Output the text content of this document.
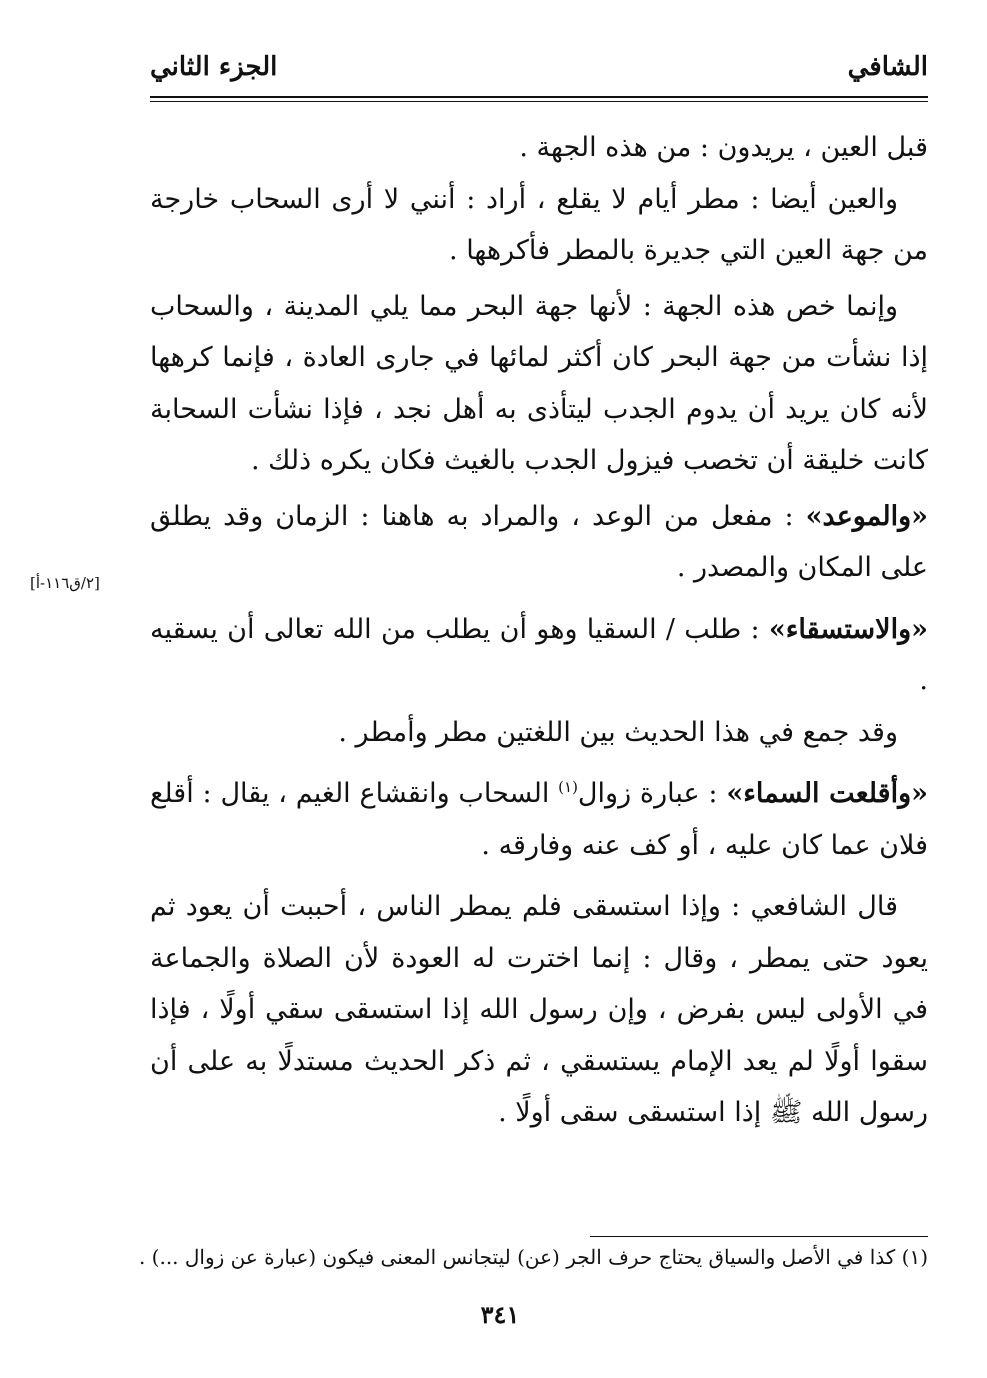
الشافي
الجزء الثاني

قبل العين ، يريدون : من هذه الجهة .

والعين أيضا : مطر أيام لا يقلع ، أراد : أنني لا أرى السحاب خارجة من جهة العين التي جديرة بالمطر فأكرهها .

وإنما خص هذه الجهة : لأنها جهة البحر مما يلي المدينة ، والسحاب إذا نشأت من جهة البحر كان أكثر لمائها في جارى العادة ، فإنما كرهها لأنه كان يريد أن يدوم الجدب ليتأذى به أهل نجد ، فإذا نشأت السحابة كانت خليقة أن تخصب فيزول الجدب بالغيث فكان يكره ذلك .

«والموعد» : مفعل من الوعد ، والمراد به هاهنا : الزمان وقد يطلق على المكان والمصدر .

«والاستسقاء» : طلب / السقيا وهو أن يطلب من الله تعالى أن يسقيه .

وقد جمع في هذا الحديث بين اللغتين مطر وأمطر .

«وأقلعت السماء» : عبارة زوال$^{(١)}$ السحاب وانقشاع الغيم ، يقال : أقلع فلان عما كان عليه ، أو كف عنه وفارقه .

قال الشافعي : وإذا استسقى فلم يمطر الناس ، أحببت أن يعود ثم يعود حتى يمطر ، وقال : إنما اخترت له العودة لأن الصلاة والجماعة في الأولى ليس بفرض ، وإن رسول الله إذا استسقى سقي أولًا ، فإذا سقوا أولًا لم يعد الإمام يستسقي ، ثم ذكر الحديث مستدلًا به على أن رسول الله ﷺ إذا استسقى سقى أولًا .

[٢/ق١١٦-أ]
(١) كذا في الأصل والسياق يحتاج حرف الجر (عن) ليتجانس المعنى فيكون (عبارة عن زوال ...) .
٣٤١
